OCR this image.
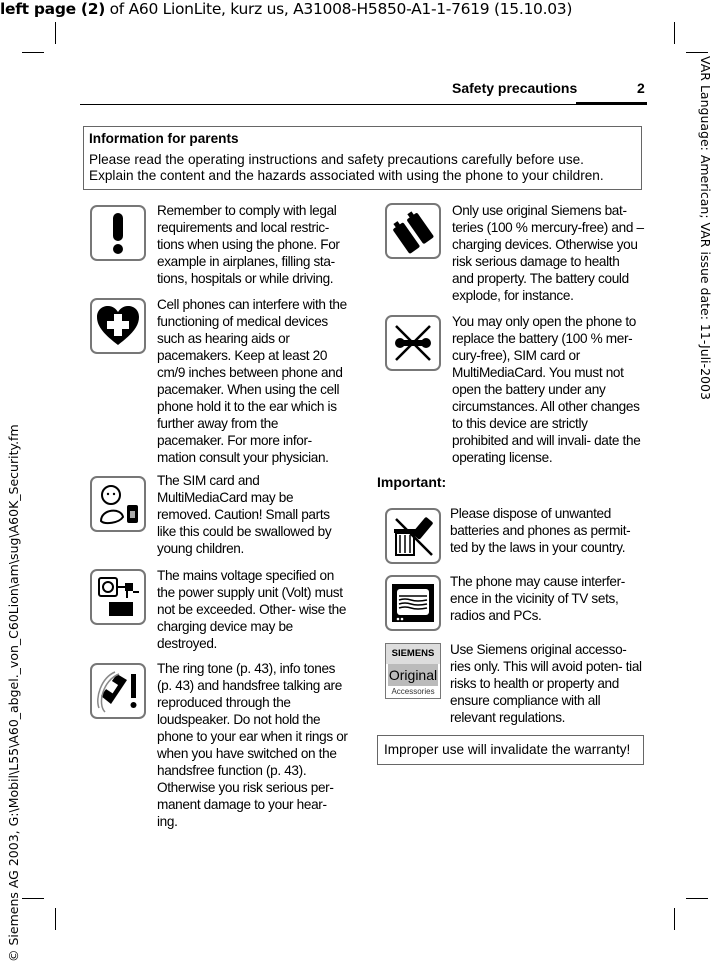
left page (2) of A60 LionLite, kurz us, A31008-H5850-A1-1-7619 (15.10.03)
VAR Language: American; VAR issue date: 11-Juli-2003
© Siemens AG 2003, G:\Mobil\L55\A60_abgel._von_C60Lion\am\sug\A60K_Security.fm
Safety precautions	2
Information for parents
Please read the operating instructions and safety precautions carefully before use.
Explain the content and the hazards associated with using the phone to your children.
Remember to comply with legal requirements and local restric- tions when using the phone. For example in airplanes, filling sta- tions, hospitals or while driving.
Cell phones can interfere with the functioning of medical devices such as hearing aids or pacemakers. Keep at least 20 cm/9 inches between phone and pacemaker. When using the cell phone hold it to the ear which is further away from the pacemaker. For more infor- mation consult your physician.
The SIM card and MultiMediaCard may be removed. Caution! Small parts like this could be swallowed by young children.
The mains voltage specified on the power supply unit (Volt) must not be exceeded. Other- wise the charging device may be destroyed.
The ring tone (p. 43), info tones (p. 43) and handsfree talking are reproduced through the loudspeaker. Do not hold the phone to your ear when it rings or when you have switched on the handsfree function (p. 43). Otherwise you risk serious per- manent damage to your hear- ing.
Only use original Siemens bat- teries (100 % mercury-free) and – charging devices. Otherwise you risk serious damage to health and property. The battery could explode, for instance.
You may only open the phone to replace the battery (100 % mer- cury-free), SIM card or MultiMediaCard. You must not open the battery under any circumstances. All other changes to this device are strictly prohibited and will invali- date the operating license.
Important:
Please dispose of unwanted batteries and phones as permit- ted by the laws in your country.
The phone may cause interfer- ence in the vicinity of TV sets, radios and PCs.
SIEMENS
Original
Accessories
Use Siemens original accesso- ries only. This will avoid poten- tial risks to health or property and ensure compliance with all relevant regulations.
Improper use will invalidate the warranty!
